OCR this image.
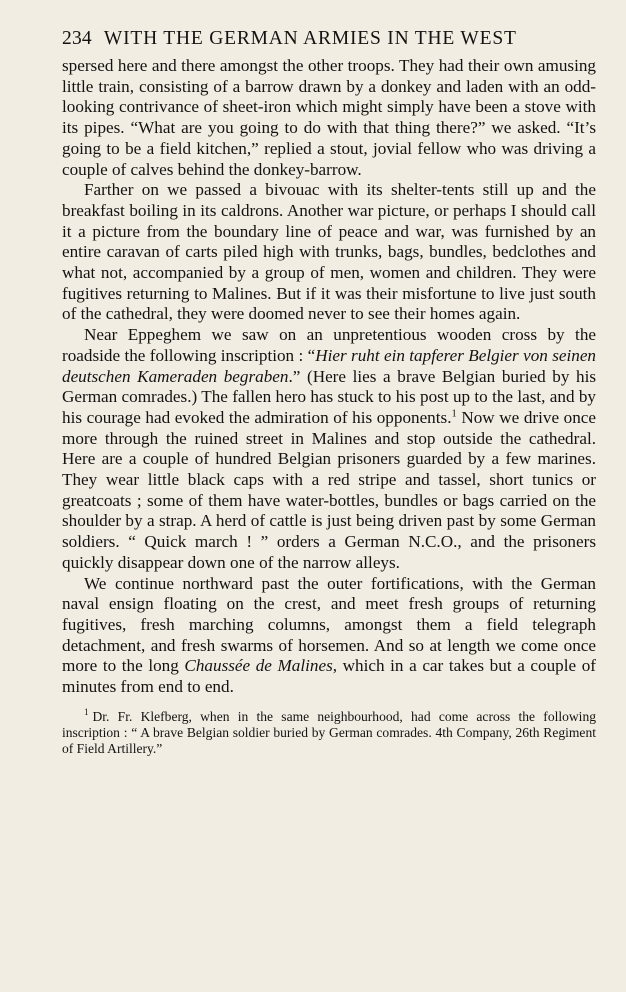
234 WITH THE GERMAN ARMIES IN THE WEST

spersed here and there amongst the other troops. They had their own amusing little train, consisting of a barrow drawn by a donkey and laden with an odd-looking contrivance of sheet-iron which might simply have been a stove with its pipes. “What are you going to do with that thing there?” we asked. “It’s going to be a field kitchen,” replied a stout, jovial fellow who was driving a couple of calves behind the donkey-barrow.

Farther on we passed a bivouac with its shelter-tents still up and the breakfast boiling in its caldrons. Another war picture, or perhaps I should call it a picture from the boundary line of peace and war, was furnished by an entire caravan of carts piled high with trunks, bags, bundles, bedclothes and what not, accompanied by a group of men, women and children. They were fugitives returning to Malines. But if it was their misfortune to live just south of the cathedral, they were doomed never to see their homes again.

Near Eppeghem we saw on an unpretentious wooden cross by the roadside the following inscription : “Hier ruht ein tapferer Belgier von seinen deutschen Kameraden begraben.” (Here lies a brave Belgian buried by his German comrades.) The fallen hero has stuck to his post up to the last, and by his courage had evoked the admiration of his opponents.$^1$ Now we drive once more through the ruined street in Malines and stop outside the cathedral. Here are a couple of hundred Belgian prisoners guarded by a few marines. They wear little black caps with a red stripe and tassel, short tunics or greatcoats ; some of them have water-bottles, bundles or bags carried on the shoulder by a strap. A herd of cattle is just being driven past by some German soldiers. “ Quick march ! ” orders a German N.C.O., and the prisoners quickly disappear down one of the narrow alleys.

We continue northward past the outer fortifications, with the German naval ensign floating on the crest, and meet fresh groups of returning fugitives, fresh marching columns, amongst them a field telegraph detachment, and fresh swarms of horsemen. And so at length we come once more to the long Chaussée de Malines, which in a car takes but a couple of minutes from end to end.

$^1$ Dr. Fr. Klefberg, when in the same neighbourhood, had come across the following inscription : “ A brave Belgian soldier buried by German comrades. 4th Company, 26th Regiment of Field Artillery.”
